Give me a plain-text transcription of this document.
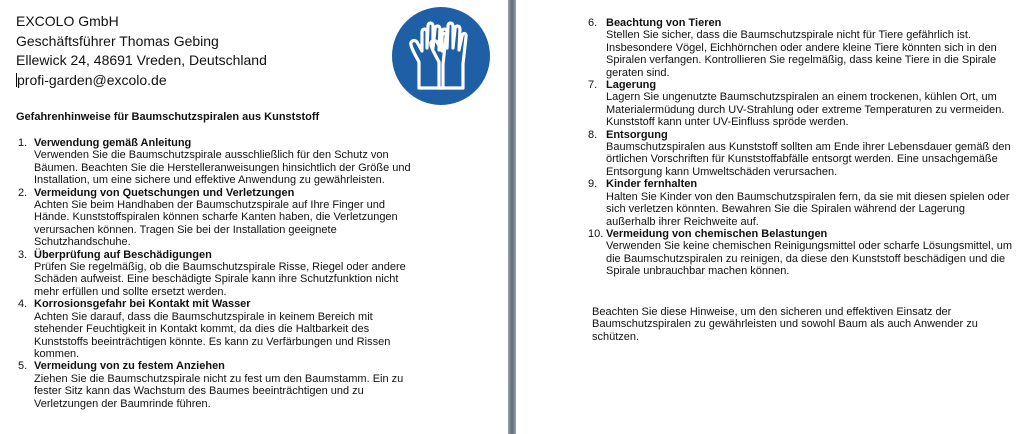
EXCOLO GmbH
Geschäftsführer Thomas Gebing
Ellewick 24, 48691 Vreden, Deutschland
profi-garden@excolo.de
Gefahrenhinweise für Baumschutzspiralen aus Kunststoff
1. Verwendung gemäß Anleitung
Verwenden Sie die Baumschutzspirale ausschließlich für den Schutz von Bäumen. Beachten Sie die Herstelleranweisungen hinsichtlich der Größe und Installation, um eine sichere und effektive Anwendung zu gewährleisten.
2. Vermeidung von Quetschungen und Verletzungen
Achten Sie beim Handhaben der Baumschutzspirale auf Ihre Finger und Hände. Kunststoffspiralen können scharfe Kanten haben, die Verletzungen verursachen können. Tragen Sie bei der Installation geeignete Schutzhandschuhe.
3. Überprüfung auf Beschädigungen
Prüfen Sie regelmäßig, ob die Baumschutzspirale Risse, Riegel oder andere Schäden aufweist. Eine beschädigte Spirale kann ihre Schutzfunktion nicht mehr erfüllen und sollte ersetzt werden.
4. Korrosionsgefahr bei Kontakt mit Wasser
Achten Sie darauf, dass die Baumschutzspirale in keinem Bereich mit stehender Feuchtigkeit in Kontakt kommt, da dies die Haltbarkeit des Kunststoffs beeinträchtigen könnte. Es kann zu Verfärbungen und Rissen kommen.
5. Vermeidung von zu festem Anziehen
Ziehen Sie die Baumschutzspirale nicht zu fest um den Baumstamm. Ein zu fester Sitz kann das Wachstum des Baumes beeinträchtigen und zu Verletzungen der Baumrinde führen.
6. Beachtung von Tieren
Stellen Sie sicher, dass die Baumschutzspirale nicht für Tiere gefährlich ist. Insbesondere Vögel, Eichhörnchen oder andere kleine Tiere könnten sich in den Spiralen verfangen. Kontrollieren Sie regelmäßig, dass keine Tiere in die Spirale geraten sind.
7. Lagerung
Lagern Sie ungenutzte Baumschutzspiralen an einem trockenen, kühlen Ort, um Materialermüdung durch UV-Strahlung oder extreme Temperaturen zu vermeiden. Kunststoff kann unter UV-Einfluss spröde werden.
8. Entsorgung
Baumschutzspiralen aus Kunststoff sollten am Ende ihrer Lebensdauer gemäß den örtlichen Vorschriften für Kunststoffabfälle entsorgt werden. Eine unsachgemäße Entsorgung kann Umweltschäden verursachen.
9. Kinder fernhalten
Halten Sie Kinder von den Baumschutzspiralen fern, da sie mit diesen spielen oder sich verletzen könnten. Bewahren Sie die Spiralen während der Lagerung außerhalb ihrer Reichweite auf.
10. Vermeidung von chemischen Belastungen
Verwenden Sie keine chemischen Reinigungsmittel oder scharfe Lösungsmittel, um die Baumschutzspiralen zu reinigen, da diese den Kunststoff beschädigen und die Spirale unbrauchbar machen können.
Beachten Sie diese Hinweise, um den sicheren und effektiven Einsatz der Baumschutzspiralen zu gewährleisten und sowohl Baum als auch Anwender zu schützen.
